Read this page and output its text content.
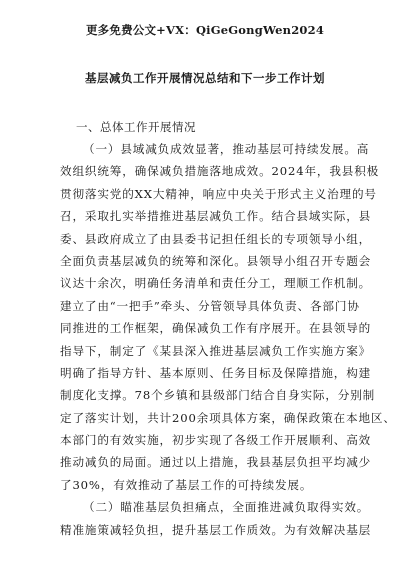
更多免费公文+VX：QiGeGongWen2024
基层减负工作开展情况总结和下一步工作计划
一、总体工作开展情况
（一）县域减负成效显著，推动基层可持续发展。高
效组织统筹，确保减负措施落地成效。2024年，我县积极
贯彻落实党的XX大精神，响应中央关于形式主义治理的号
召，采取扎实举措推进基层减负工作。结合县域实际，县
委、县政府成立了由县委书记担任组长的专项领导小组，
全面负责基层减负的统筹和深化。县领导小组召开专题会
议达十余次，明确任务清单和责任分工，理顺工作机制。
建立了由“一把手”牵头、分管领导具体负责、各部门协
同推进的工作框架，确保减负工作有序展开。在县领导的
指导下，制定了《某县深入推进基层减负工作实施方案》
明确了指导方针、基本原则、任务目标及保障措施，构建
制度化支撑。78个乡镇和县级部门结合自身实际，分别制
定了落实计划，共计200余项具体方案，确保政策在本地区、
本部门的有效实施，初步实现了各级工作开展顺利、高效
推动减负的局面。通过以上措施，我县基层负担平均减少
了30%，有效推动了基层工作的可持续发展。
（二）瞄准基层负担痛点，全面推进减负取得实效。
精准施策减轻负担，提升基层工作质效。为有效解决基层
